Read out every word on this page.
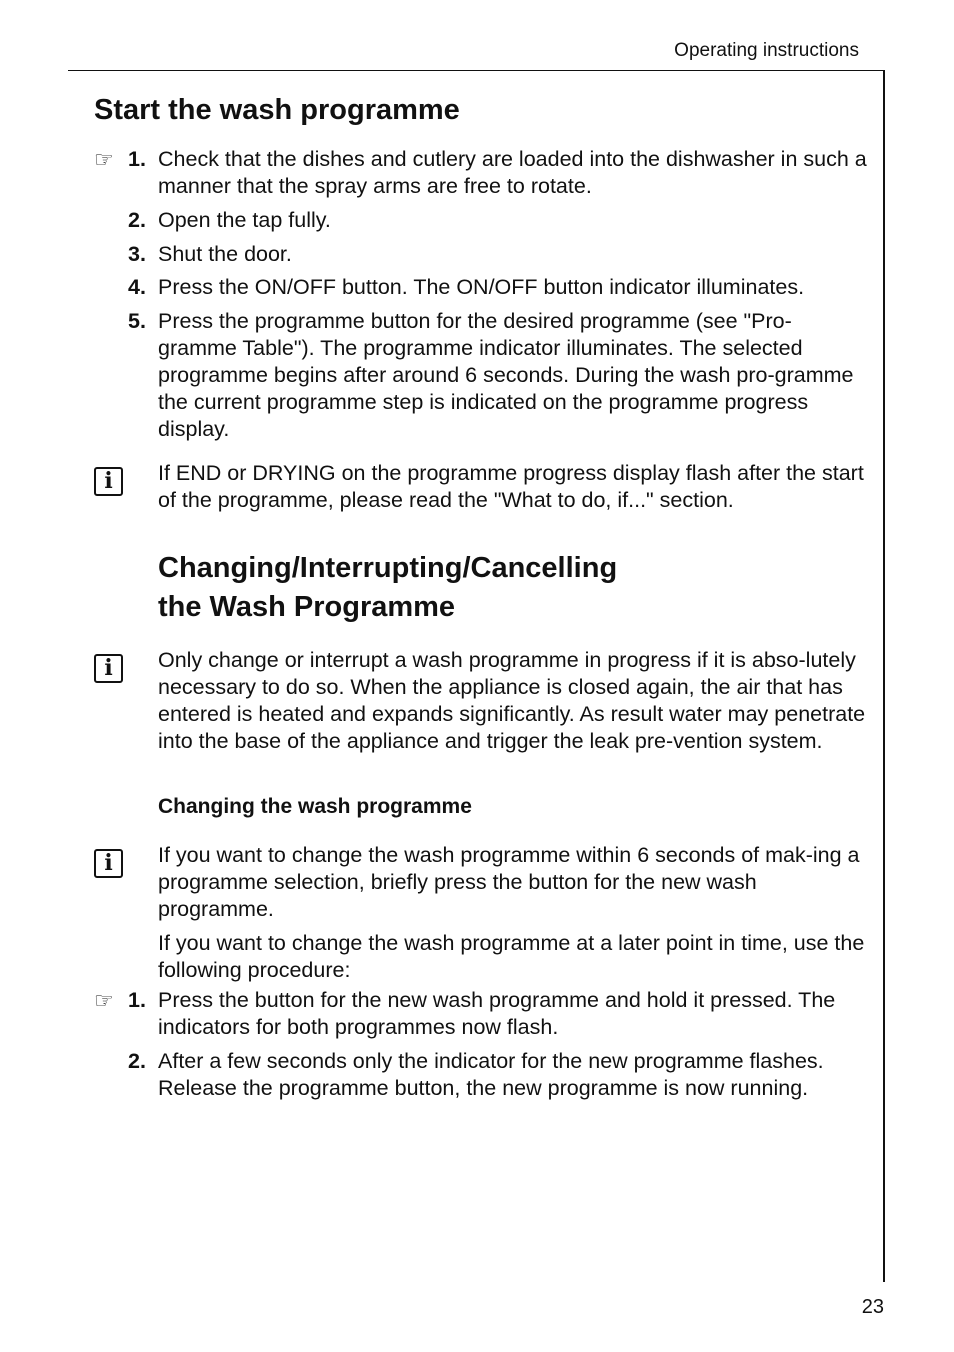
Operating instructions
Start the wash programme
☞ 1. Check that the dishes and cutlery are loaded into the dishwasher in such a manner that the spray arms are free to rotate.
2. Open the tap fully.
3. Shut the door.
4. Press the ON/OFF button. The ON/OFF button indicator illuminates.
5. Press the programme button for the desired programme (see "Pro-gramme Table"). The programme indicator illuminates. The selected programme begins after around 6 seconds. During the wash pro-gramme the current programme step is indicated on the programme progress display.
i	If END or DRYING on the programme progress display flash after the start of the programme, please read the "What to do, if..." section.
Changing/Interrupting/Cancelling
the Wash Programme
i	Only change or interrupt a wash programme in progress if it is abso-lutely necessary to do so. When the appliance is closed again, the air that has entered is heated and expands significantly. As result water may penetrate into the base of the appliance and trigger the leak pre-vention system.
Changing the wash programme
i	If you want to change the wash programme within 6 seconds of mak-ing a programme selection, briefly press the button for the new wash programme.
If you want to change the wash programme at a later point in time, use the following procedure:
☞ 1. Press the button for the new wash programme and hold it pressed. The indicators for both programmes now flash.
2. After a few seconds only the indicator for the new programme flashes. Release the programme button, the new programme is now running.
23
